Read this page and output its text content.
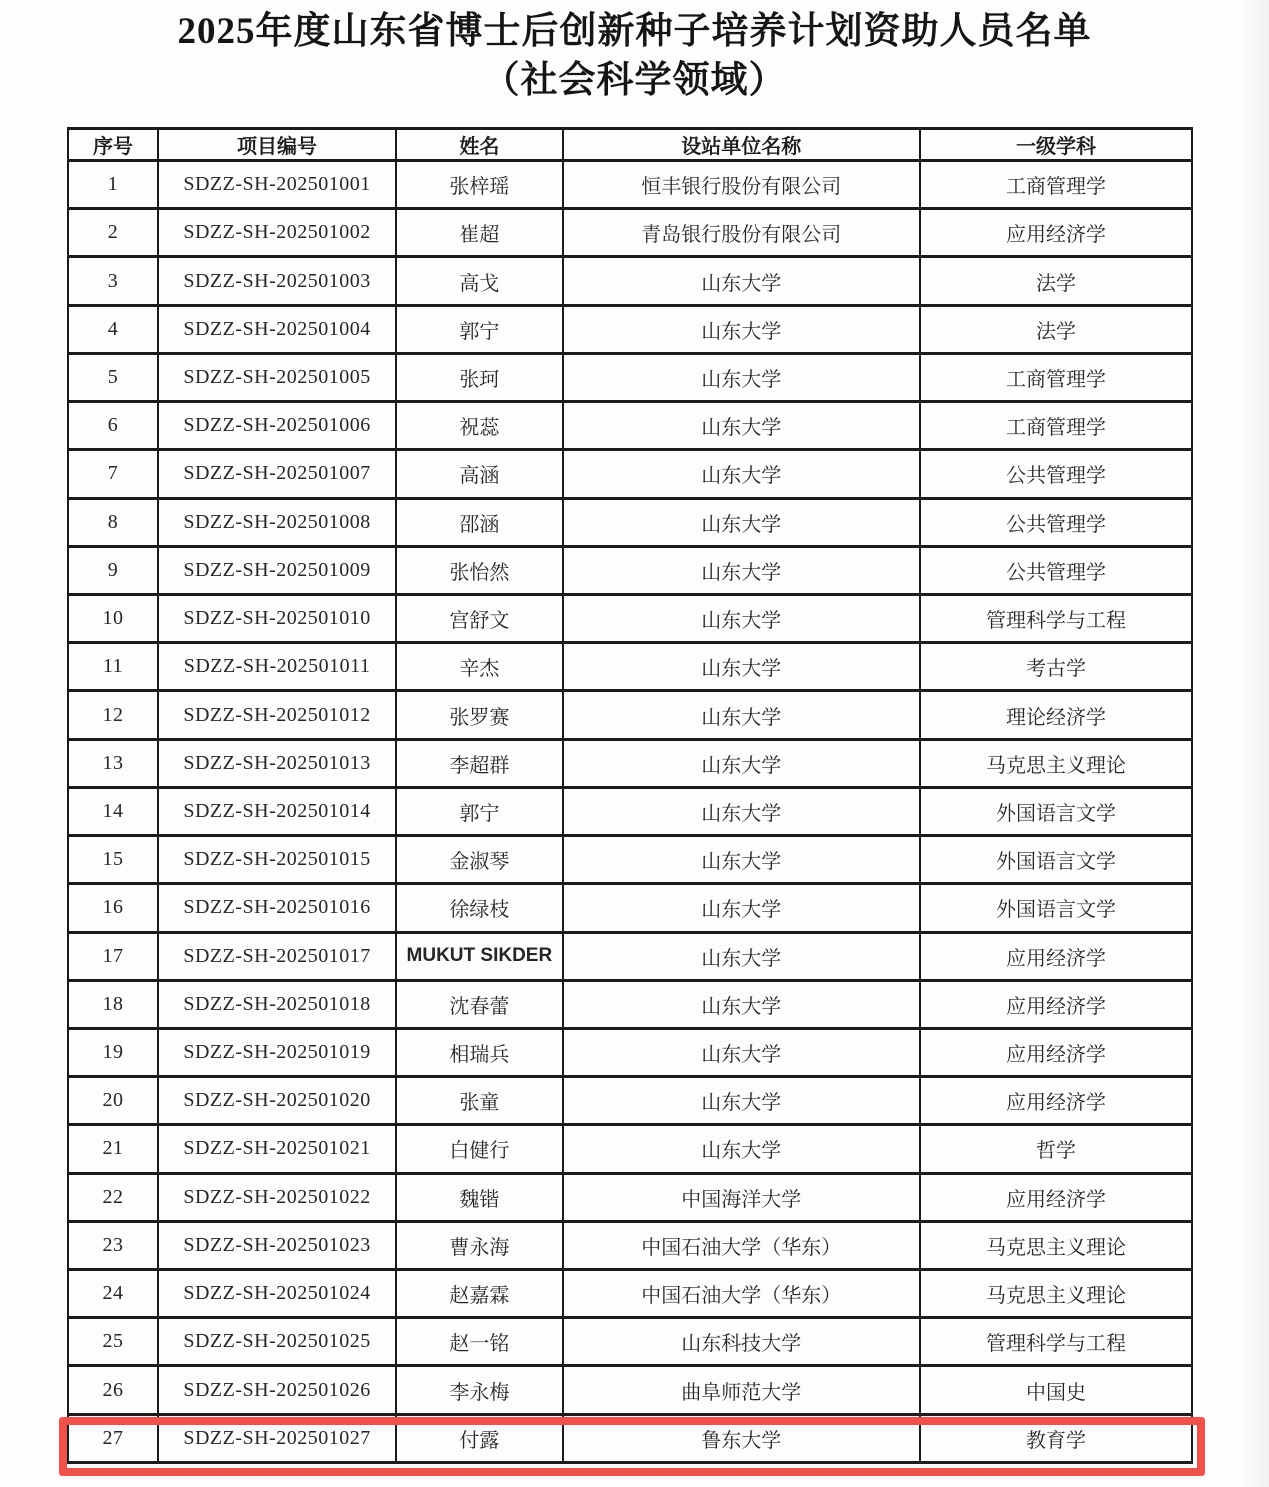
2025年度山东省博士后创新种子培养计划资助人员名单
（社会科学领域）
序号	项目编号	姓名	设站单位名称	一级学科
1	SDZZ-SH-202501001	张梓瑶	恒丰银行股份有限公司	工商管理学
2	SDZZ-SH-202501002	崔超	青岛银行股份有限公司	应用经济学
3	SDZZ-SH-202501003	高戈	山东大学	法学
4	SDZZ-SH-202501004	郭宁	山东大学	法学
5	SDZZ-SH-202501005	张珂	山东大学	工商管理学
6	SDZZ-SH-202501006	祝蕊	山东大学	工商管理学
7	SDZZ-SH-202501007	高涵	山东大学	公共管理学
8	SDZZ-SH-202501008	邵涵	山东大学	公共管理学
9	SDZZ-SH-202501009	张怡然	山东大学	公共管理学
10	SDZZ-SH-202501010	宫舒文	山东大学	管理科学与工程
11	SDZZ-SH-202501011	辛杰	山东大学	考古学
12	SDZZ-SH-202501012	张罗赛	山东大学	理论经济学
13	SDZZ-SH-202501013	李超群	山东大学	马克思主义理论
14	SDZZ-SH-202501014	郭宁	山东大学	外国语言文学
15	SDZZ-SH-202501015	金淑琴	山东大学	外国语言文学
16	SDZZ-SH-202501016	徐绿枝	山东大学	外国语言文学
17	SDZZ-SH-202501017	MUKUT SIKDER	山东大学	应用经济学
18	SDZZ-SH-202501018	沈春蕾	山东大学	应用经济学
19	SDZZ-SH-202501019	相瑞兵	山东大学	应用经济学
20	SDZZ-SH-202501020	张童	山东大学	应用经济学
21	SDZZ-SH-202501021	白健行	山东大学	哲学
22	SDZZ-SH-202501022	魏锴	中国海洋大学	应用经济学
23	SDZZ-SH-202501023	曹永海	中国石油大学（华东）	马克思主义理论
24	SDZZ-SH-202501024	赵嘉霖	中国石油大学（华东）	马克思主义理论
25	SDZZ-SH-202501025	赵一铭	山东科技大学	管理科学与工程
26	SDZZ-SH-202501026	李永梅	曲阜师范大学	中国史
27	SDZZ-SH-202501027	付露	鲁东大学	教育学
